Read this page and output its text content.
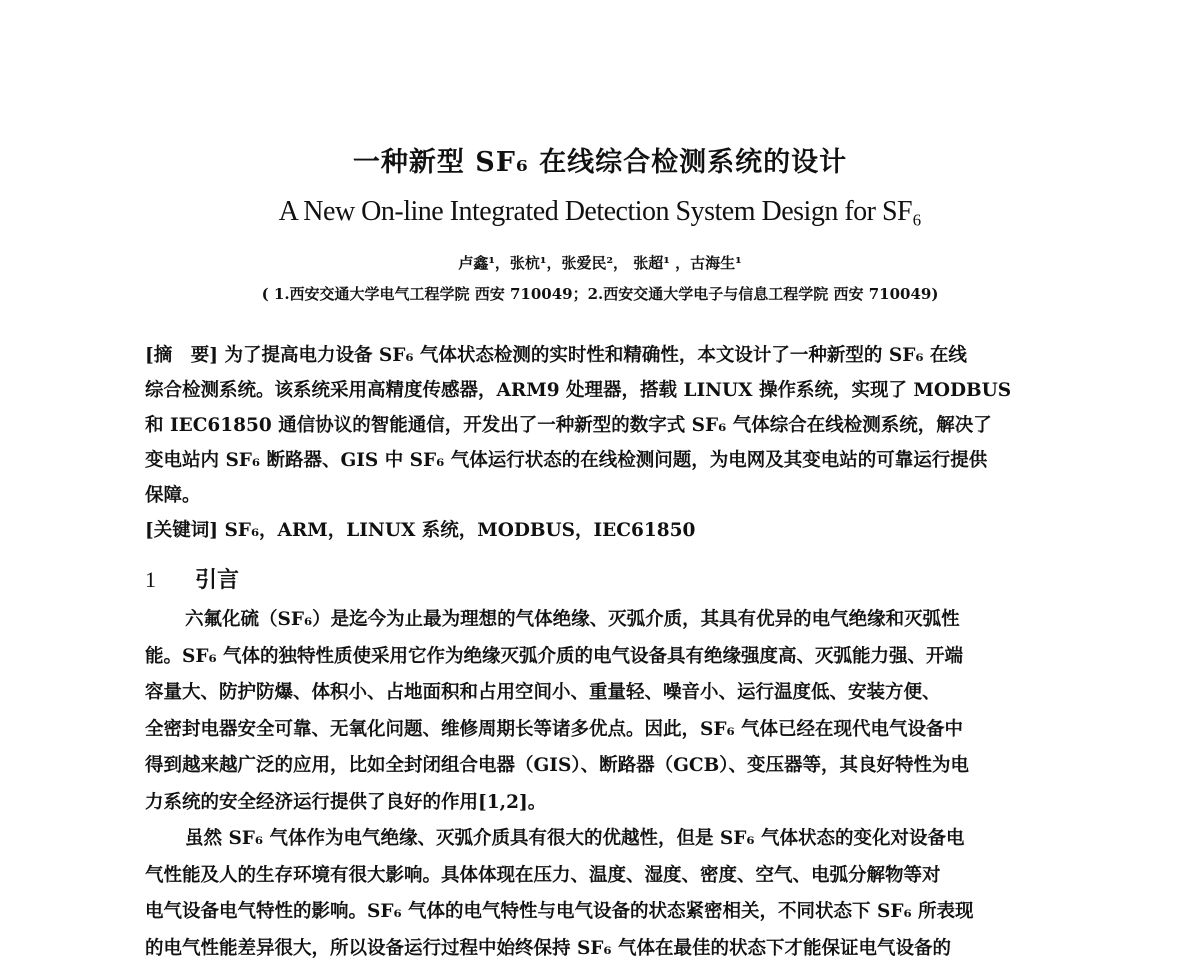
一种新型 SF₆ 在线综合检测系统的设计
A New On-line Integrated Detection System Design for SF₆
卢鑫¹，张杭¹，张爱民²， 张超¹ ，古海生¹
( 1.西安交通大学电气工程学院 西安 710049；2.西安交通大学电子与信息工程学院 西安 710049)
[摘　要] 为了提高电力设备 SF₆ 气体状态检测的实时性和精确性，本文设计了一种新型的 SF₆ 在线
综合检测系统。该系统采用高精度传感器，ARM9 处理器，搭载 LINUX 操作系统，实现了 MODBUS
和 IEC61850 通信协议的智能通信，开发出了一种新型的数字式 SF₆ 气体综合在线检测系统，解决了
变电站内 SF₆ 断路器、GIS 中 SF₆ 气体运行状态的在线检测问题，为电网及其变电站的可靠运行提供
保障。
[关键词] SF₆，ARM，LINUX 系统，MODBUS，IEC61850
1 引言
六氟化硫（SF₆）是迄今为止最为理想的气体绝缘、灭弧介质，其具有优异的电气绝缘和灭弧性
能。SF₆ 气体的独特性质使采用它作为绝缘灭弧介质的电气设备具有绝缘强度高、灭弧能力强、开端
容量大、防护防爆、体积小、占地面积和占用空间小、重量轻、噪音小、运行温度低、安装方便、
全密封电器安全可靠、无氧化问题、维修周期长等诸多优点。因此，SF₆ 气体已经在现代电气设备中
得到越来越广泛的应用，比如全封闭组合电器（GIS）、断路器（GCB）、变压器等，其良好特性为电
力系统的安全经济运行提供了良好的作用[1,2]。
虽然 SF₆ 气体作为电气绝缘、灭弧介质具有很大的优越性，但是 SF₆ 气体状态的变化对设备电
气性能及人的生存环境有很大影响。具体体现在压力、温度、湿度、密度、空气、电弧分解物等对
电气设备电气特性的影响。SF₆ 气体的电气特性与电气设备的状态紧密相关，不同状态下 SF₆ 所表现
的电气性能差异很大，所以设备运行过程中始终保持 SF₆ 气体在最佳的状态下才能保证电气设备的
